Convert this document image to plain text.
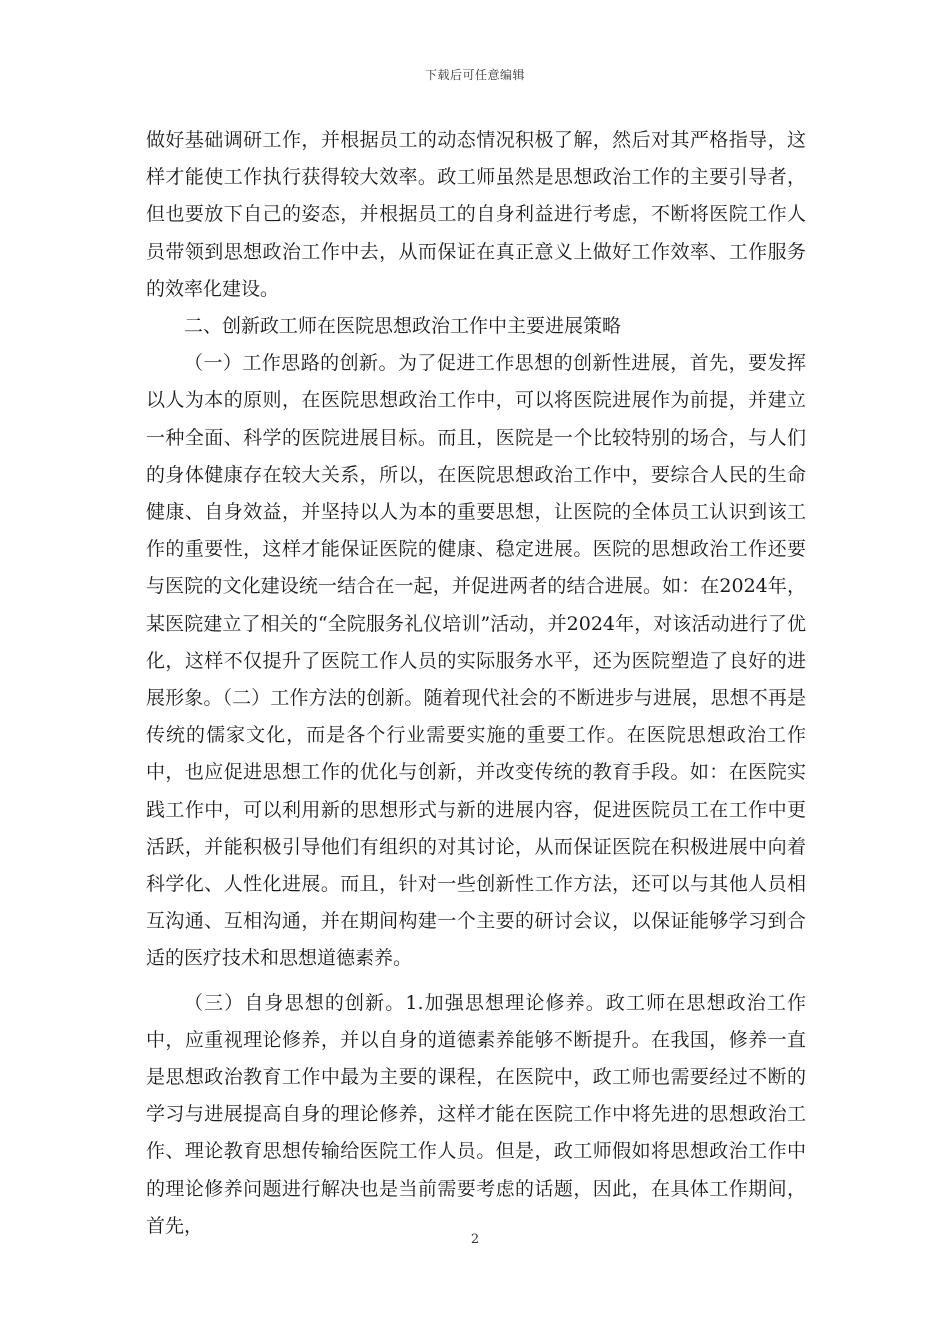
下载后可任意编辑

做好基础调研工作，并根据员工的动态情况积极了解，然后对其严格指导，这样才能使工作执行获得较大效率。政工师虽然是思想政治工作的主要引导者，但也要放下自己的姿态，并根据员工的自身利益进行考虑，不断将医院工作人员带领到思想政治工作中去，从而保证在真正意义上做好工作效率、工作服务的效率化建设。

二、创新政工师在医院思想政治工作中主要进展策略

（一）工作思路的创新。为了促进工作思想的创新性进展，首先，要发挥以人为本的原则，在医院思想政治工作中，可以将医院进展作为前提，并建立一种全面、科学的医院进展目标。而且，医院是一个比较特别的场合，与人们的身体健康存在较大关系，所以，在医院思想政治工作中，要综合人民的生命健康、自身效益，并坚持以人为本的重要思想，让医院的全体员工认识到该工作的重要性，这样才能保证医院的健康、稳定进展。医院的思想政治工作还要与医院的文化建设统一结合在一起，并促进两者的结合进展。如：在2024年，某医院建立了相关的“全院服务礼仪培训”活动，并2024年，对该活动进行了优化，这样不仅提升了医院工作人员的实际服务水平，还为医院塑造了良好的进展形象。（二）工作方法的创新。随着现代社会的不断进步与进展，思想不再是传统的儒家文化，而是各个行业需要实施的重要工作。在医院思想政治工作中，也应促进思想工作的优化与创新，并改变传统的教育手段。如：在医院实践工作中，可以利用新的思想形式与新的进展内容，促进医院员工在工作中更活跃，并能积极引导他们有组织的对其讨论，从而保证医院在积极进展中向着科学化、人性化进展。而且，针对一些创新性工作方法，还可以与其他人员相互沟通、互相沟通，并在期间构建一个主要的研讨会议，以保证能够学习到合适的医疗技术和思想道德素养。

（三）自身思想的创新。1.加强思想理论修养。政工师在思想政治工作中，应重视理论修养，并以自身的道德素养能够不断提升。在我国，修养一直是思想政治教育工作中最为主要的课程，在医院中，政工师也需要经过不断的学习与进展提高自身的理论修养，这样才能在医院工作中将先进的思想政治工作、理论教育思想传输给医院工作人员。但是，政工师假如将思想政治工作中的理论修养问题进行解决也是当前需要考虑的话题，因此，在具体工作期间，首先，

2
